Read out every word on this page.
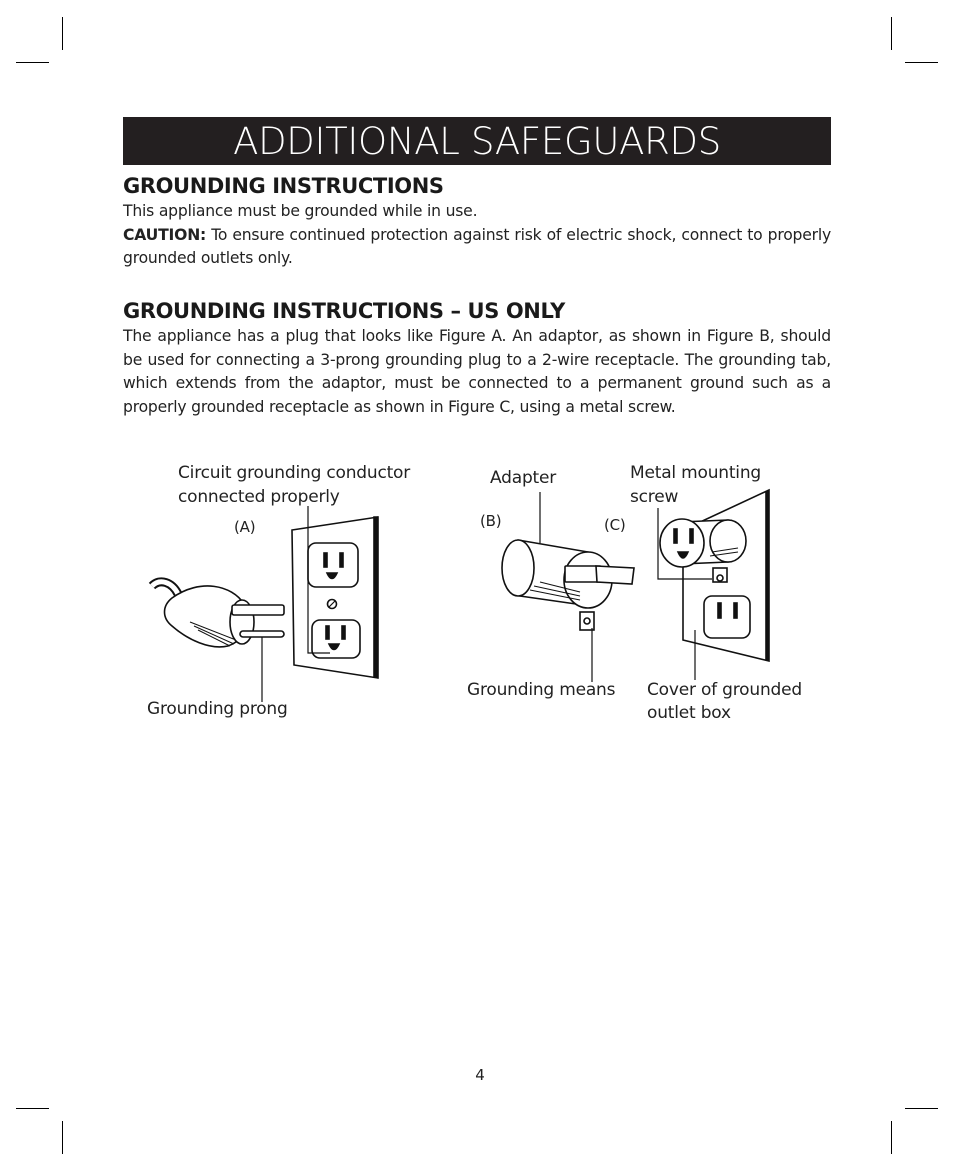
ADDITIONAL SAFEGUARDS
GROUNDING INSTRUCTIONS
This appliance must be grounded while in use.
CAUTION: To ensure continued protection against risk of electric shock, connect to properly grounded outlets only.
GROUNDING INSTRUCTIONS – US ONLY
The appliance has a plug that looks like Figure A. An adaptor, as shown in Figure B, should be used for connecting a 3-prong grounding plug to a 2-wire receptacle. The grounding tab, which extends from the adaptor, must be connected to a permanent ground such as a properly grounded receptacle as shown in Figure C, using a metal screw.
Circuit grounding conductor
connected properly
(A)
Grounding prong
Adapter
(B)	(C)
Metal mounting
screw
Grounding means Cover of grounded
outlet box
4
